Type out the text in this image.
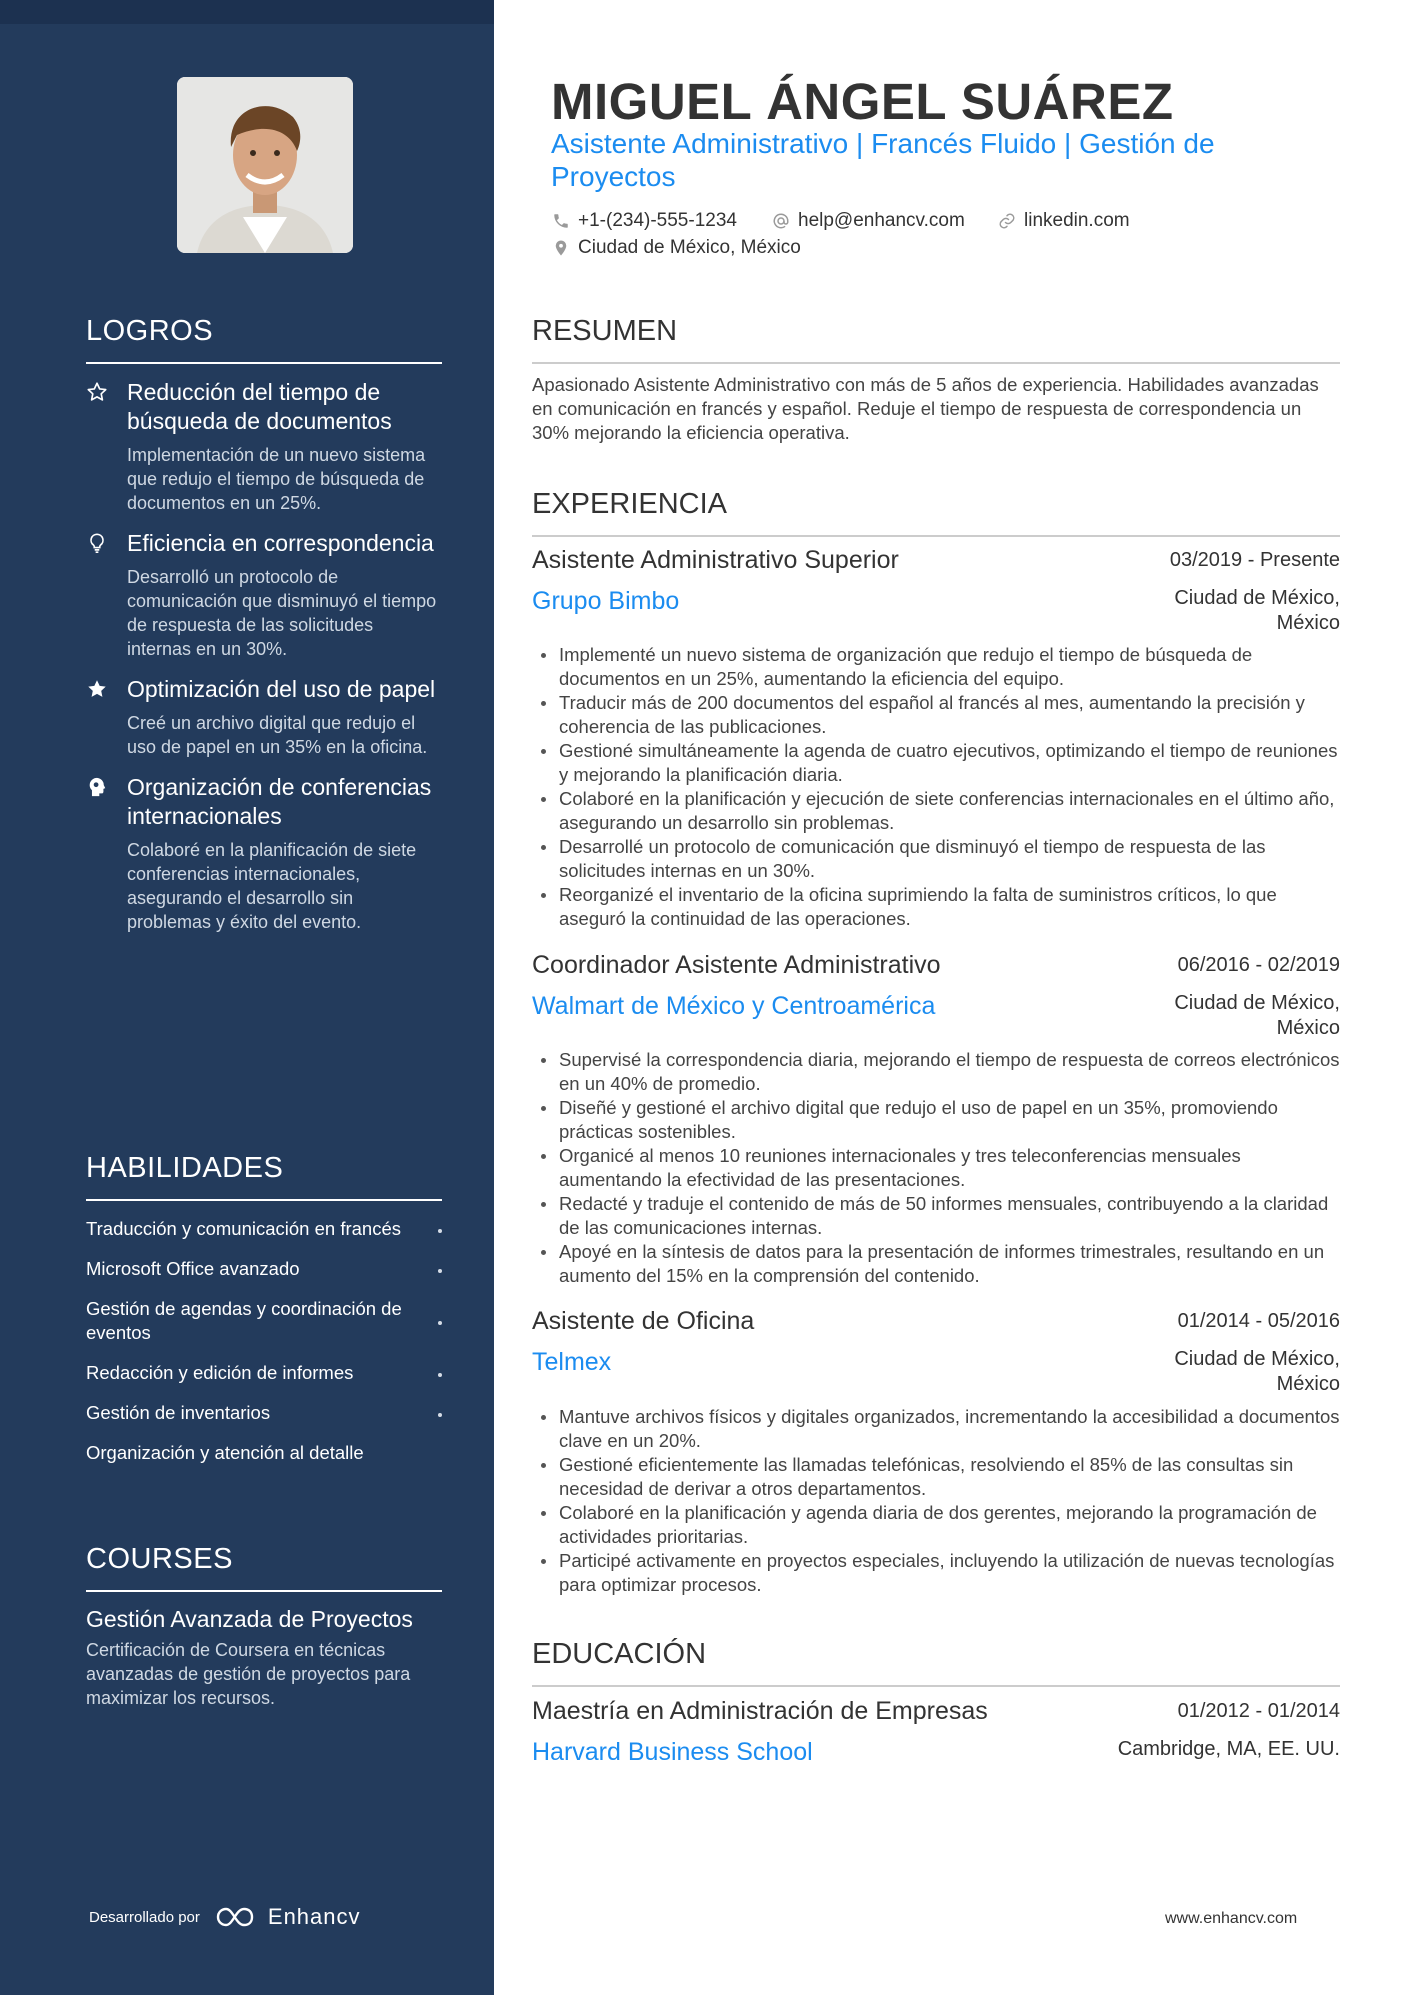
LOGROS
Reducción del tiempo de búsqueda de documentos
Implementación de un nuevo sistema que redujo el tiempo de búsqueda de documentos en un 25%.
Eficiencia en correspondencia
Desarrolló un protocolo de comunicación que disminuyó el tiempo de respuesta de las solicitudes internas en un 30%.
Optimización del uso de papel
Creé un archivo digital que redujo el uso de papel en un 35% en la oficina.
Organización de conferencias internacionales
Colaboré en la planificación de siete conferencias internacionales, asegurando el desarrollo sin problemas y éxito del evento.
HABILIDADES
Traducción y comunicación en francés
Microsoft Office avanzado
Gestión de agendas y coordinación de eventos
Redacción y edición de informes
Gestión de inventarios
Organización y atención al detalle
COURSES
Gestión Avanzada de Proyectos
Certificación de Coursera en técnicas avanzadas de gestión de proyectos para maximizar los recursos.
Desarrollado por	Enhancv
MIGUEL ÁNGEL SUÁREZ
Asistente Administrativo | Francés Fluido | Gestión de Proyectos
+1-(234)-555-1234	help@enhancv.com	linkedin.com
Ciudad de México, México
RESUMEN
Apasionado Asistente Administrativo con más de 5 años de experiencia. Habilidades avanzadas en comunicación en francés y español. Reduje el tiempo de respuesta de correspondencia un 30% mejorando la eficiencia operativa.
EXPERIENCIA
Asistente Administrativo Superior	03/2019 - Presente
Grupo Bimbo	Ciudad de México, México
Implementé un nuevo sistema de organización que redujo el tiempo de búsqueda de documentos en un 25%, aumentando la eficiencia del equipo.
Traducir más de 200 documentos del español al francés al mes, aumentando la precisión y coherencia de las publicaciones.
Gestioné simultáneamente la agenda de cuatro ejecutivos, optimizando el tiempo de reuniones y mejorando la planificación diaria.
Colaboré en la planificación y ejecución de siete conferencias internacionales en el último año, asegurando un desarrollo sin problemas.
Desarrollé un protocolo de comunicación que disminuyó el tiempo de respuesta de las solicitudes internas en un 30%.
Reorganizé el inventario de la oficina suprimiendo la falta de suministros críticos, lo que aseguró la continuidad de las operaciones.
Coordinador Asistente Administrativo	06/2016 - 02/2019
Walmart de México y Centroamérica	Ciudad de México, México
Supervisé la correspondencia diaria, mejorando el tiempo de respuesta de correos electrónicos en un 40% de promedio.
Diseñé y gestioné el archivo digital que redujo el uso de papel en un 35%, promoviendo prácticas sostenibles.
Organicé al menos 10 reuniones internacionales y tres teleconferencias mensuales aumentando la efectividad de las presentaciones.
Redacté y traduje el contenido de más de 50 informes mensuales, contribuyendo a la claridad de las comunicaciones internas.
Apoyé en la síntesis de datos para la presentación de informes trimestrales, resultando en un aumento del 15% en la comprensión del contenido.
Asistente de Oficina	01/2014 - 05/2016
Telmex	Ciudad de México, México
Mantuve archivos físicos y digitales organizados, incrementando la accesibilidad a documentos clave en un 20%.
Gestioné eficientemente las llamadas telefónicas, resolviendo el 85% de las consultas sin necesidad de derivar a otros departamentos.
Colaboré en la planificación y agenda diaria de dos gerentes, mejorando la programación de actividades prioritarias.
Participé activamente en proyectos especiales, incluyendo la utilización de nuevas tecnologías para optimizar procesos.
EDUCACIÓN
Maestría en Administración de Empresas	01/2012 - 01/2014
Harvard Business School	Cambridge, MA, EE. UU.
www.enhancv.com
